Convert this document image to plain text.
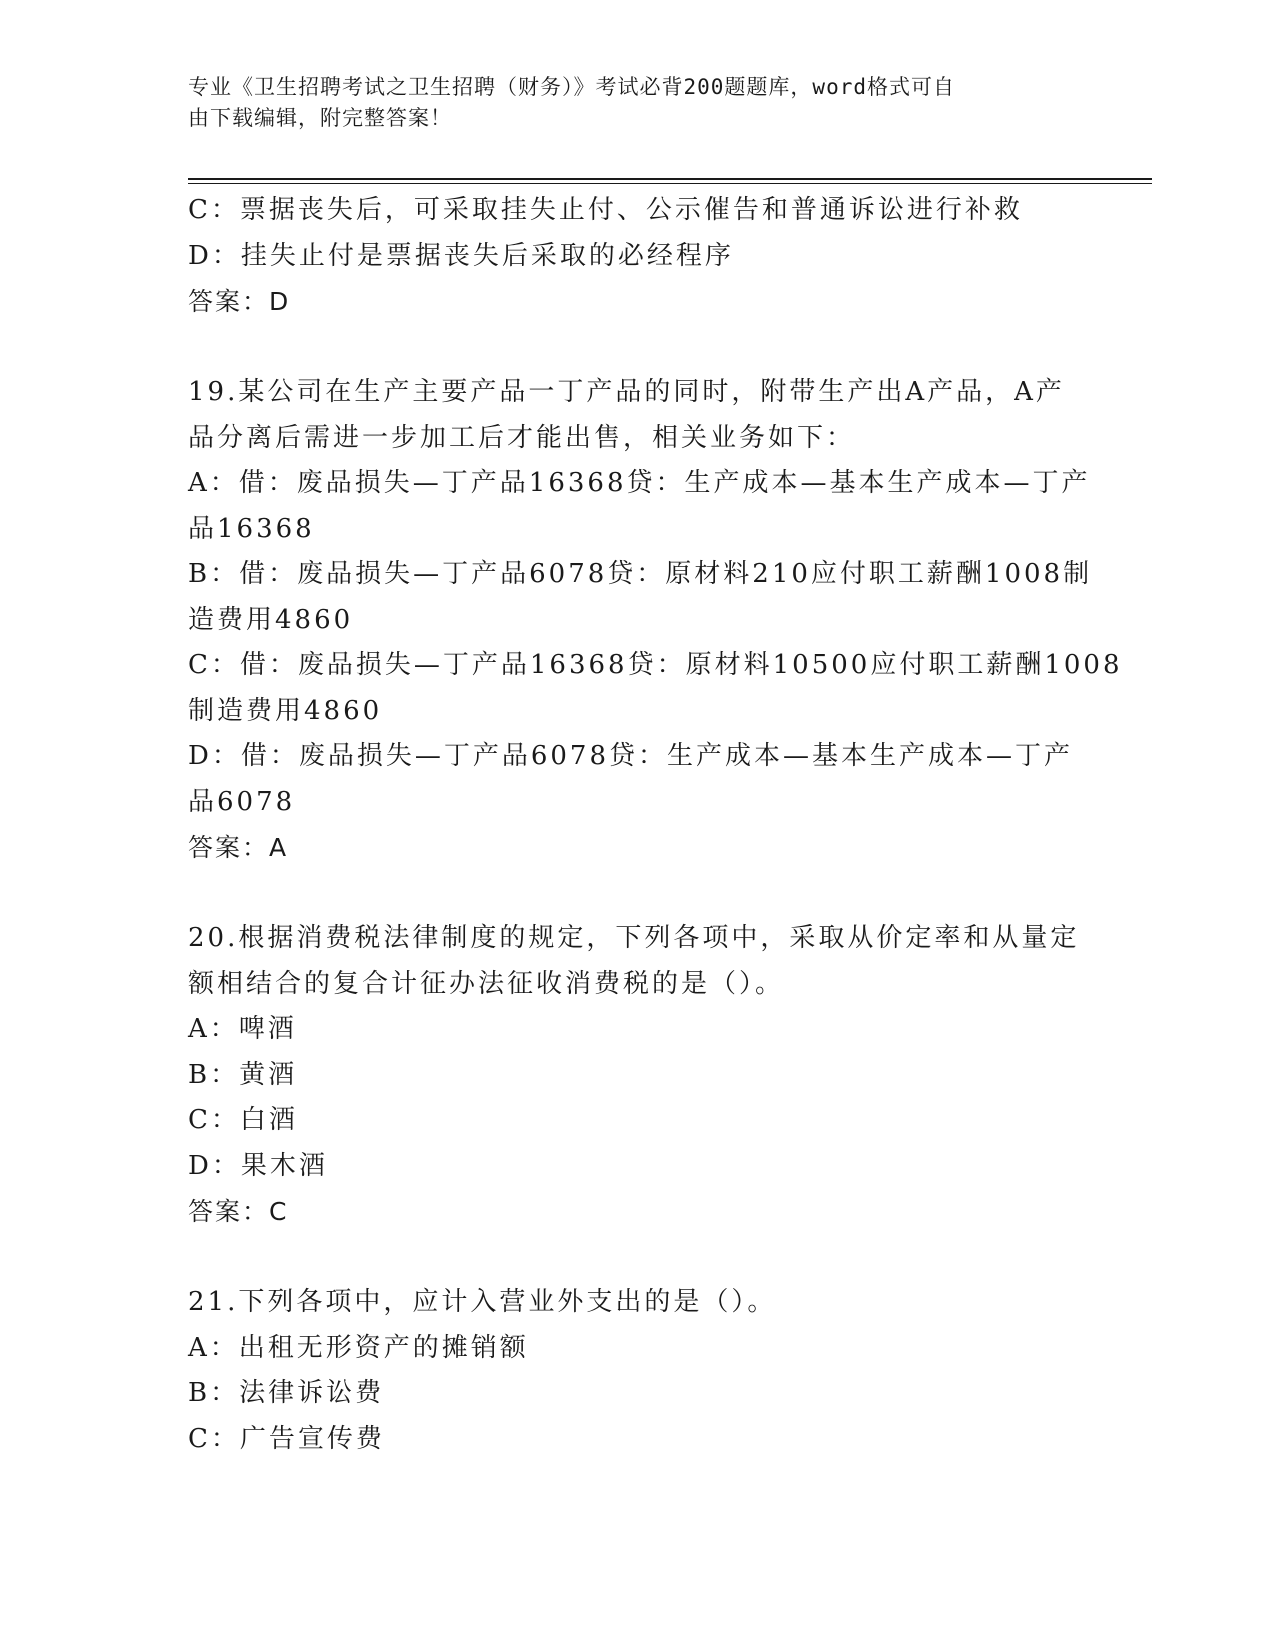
专业《卫生招聘考试之卫生招聘（财务）》考试必背200题题库，word格式可自
由下载编辑，附完整答案！
C：票据丧失后，可采取挂失止付、公示催告和普通诉讼进行补救
D：挂失止付是票据丧失后采取的必经程序
答案：D
19.某公司在生产主要产品一丁产品的同时，附带生产出A产品，A产
品分离后需进一步加工后才能出售，相关业务如下：
A：借：废品损失—丁产品16368贷：生产成本—基本生产成本—丁产
品16368
B：借：废品损失—丁产品6078贷：原材料210应付职工薪酬1008制
造费用4860
C：借：废品损失—丁产品16368贷：原材料10500应付职工薪酬1008
制造费用4860
D：借：废品损失—丁产品6078贷：生产成本—基本生产成本—丁产
品6078
答案：A
20.根据消费税法律制度的规定，下列各项中，采取从价定率和从量定
额相结合的复合计征办法征收消费税的是（）。
A：啤酒
B：黄酒
C：白酒
D：果木酒
答案：C
21.下列各项中，应计入营业外支出的是（）。
A：出租无形资产的摊销额
B：法律诉讼费
C：广告宣传费
